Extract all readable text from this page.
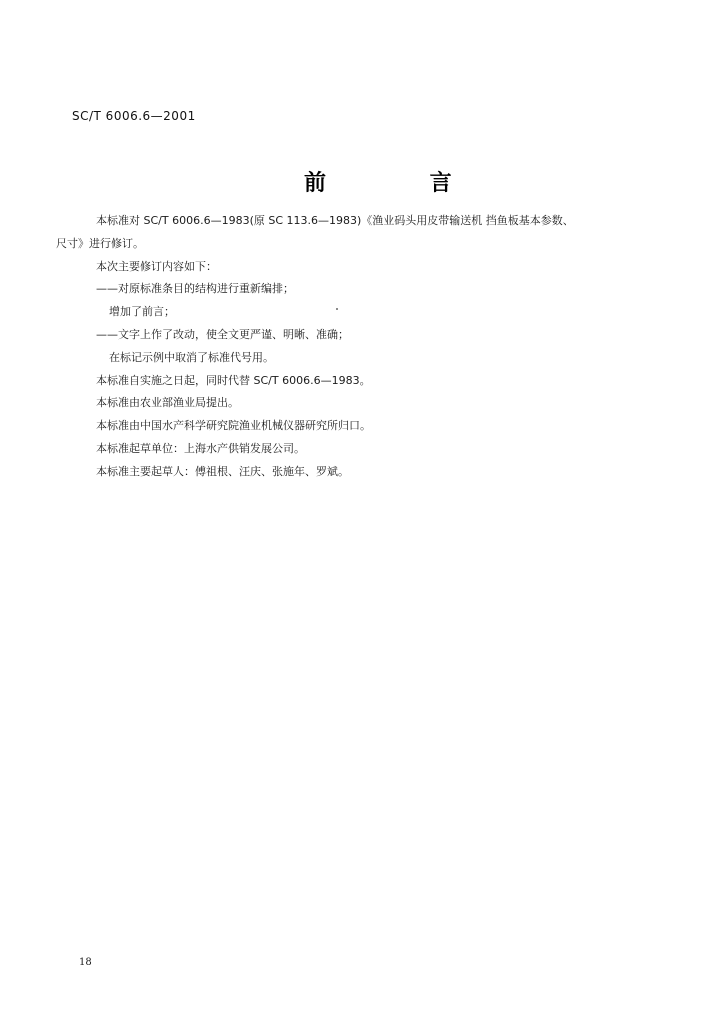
SC/T 6006.6—2001
前 言
本标准对 SC/T 6006.6—1983(原 SC 113.6—1983)《渔业码头用皮带输送机 挡鱼板基本参数、
尺寸》进行修订。
本次主要修订内容如下：
——对原标准条目的结构进行重新编排；
增加了前言；
——文字上作了改动，使全文更严谨、明晰、准确；
在标记示例中取消了标准代号用。
本标准自实施之日起，同时代替 SC/T 6006.6—1983。
本标准由农业部渔业局提出。
本标准由中国水产科学研究院渔业机械仪器研究所归口。
本标准起草单位：上海水产供销发展公司。
本标准主要起草人：傅祖根、汪庆、张施年、罗斌。
18
